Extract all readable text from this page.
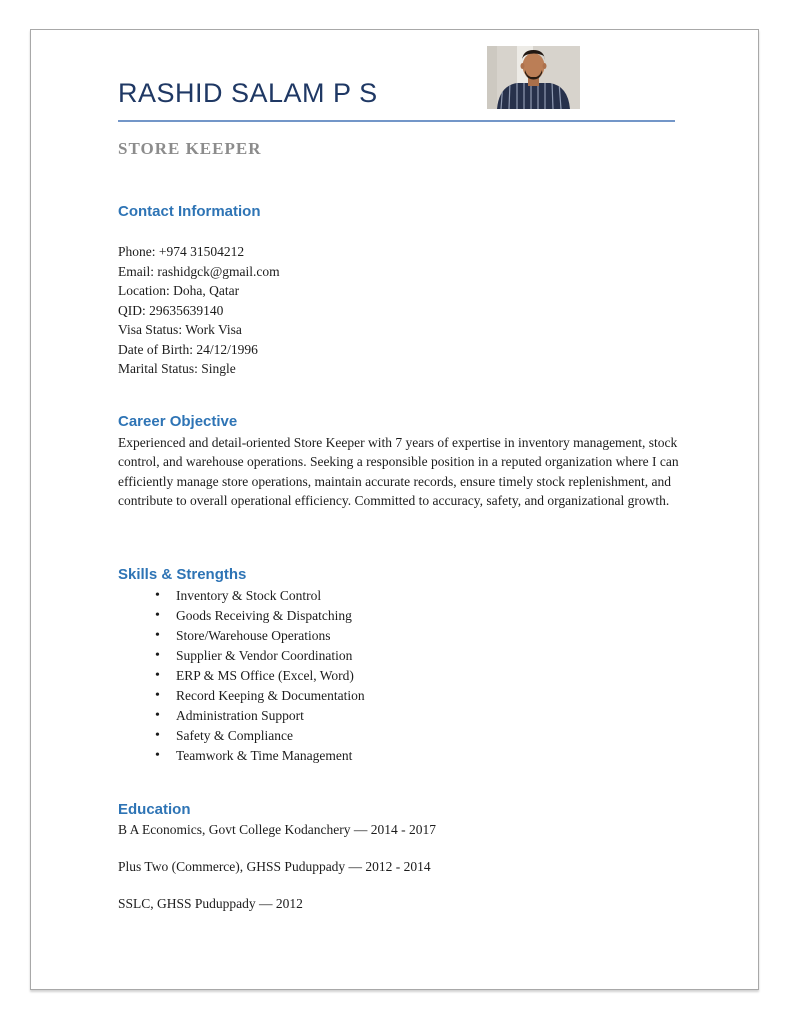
RASHID SALAM P S
STORE KEEPER
Contact Information
Phone: +974 31504212
Email: rashidgck@gmail.com
Location: Doha, Qatar
QID: 29635639140
Visa Status: Work Visa
Date of Birth: 24/12/1996
Marital Status: Single
Career Objective
Experienced and detail-oriented Store Keeper with 7 years of expertise in inventory management, stock control, and warehouse operations. Seeking a responsible position in a reputed organization where I can efficiently manage store operations, maintain accurate records, ensure timely stock replenishment, and contribute to overall operational efficiency. Committed to accuracy, safety, and organizational growth.
Skills & Strengths
• Inventory & Stock Control
• Goods Receiving & Dispatching
• Store/Warehouse Operations
• Supplier & Vendor Coordination
• ERP & MS Office (Excel, Word)
• Record Keeping & Documentation
• Administration Support
• Safety & Compliance
• Teamwork & Time Management
Education
B A Economics, Govt College Kodanchery — 2014 - 2017
Plus Two (Commerce), GHSS Puduppady — 2012 - 2014
SSLC, GHSS Puduppady — 2012
